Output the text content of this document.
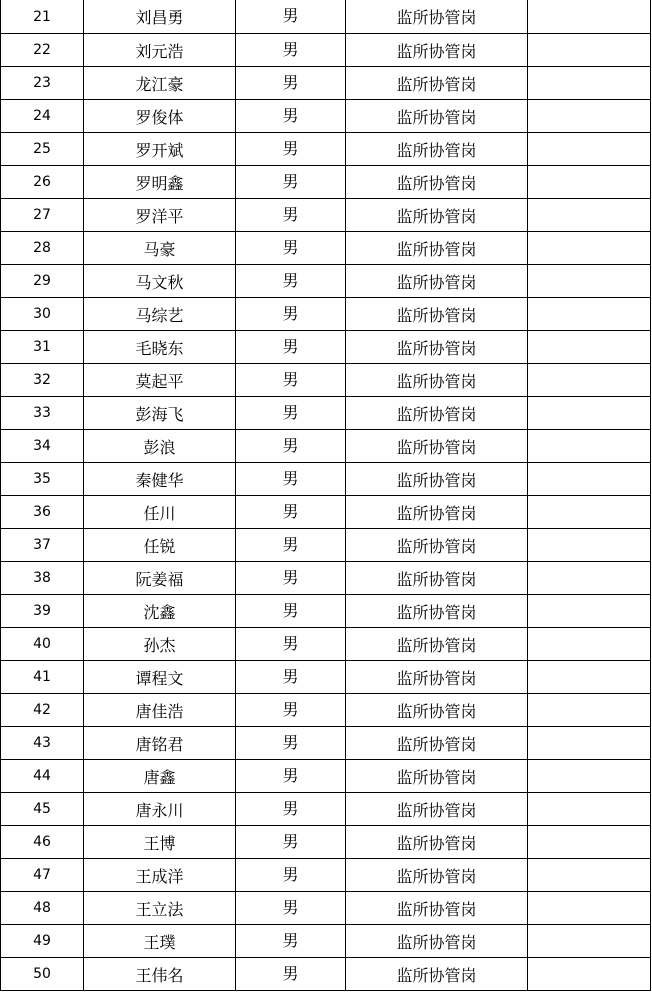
21	刘昌勇	男	监所协管岗	
22	刘元浩	男	监所协管岗	
23	龙江豪	男	监所协管岗	
24	罗俊体	男	监所协管岗	
25	罗开斌	男	监所协管岗	
26	罗明鑫	男	监所协管岗	
27	罗洋平	男	监所协管岗	
28	马豪	男	监所协管岗	
29	马文秋	男	监所协管岗	
30	马综艺	男	监所协管岗	
31	毛晓东	男	监所协管岗	
32	莫起平	男	监所协管岗	
33	彭海飞	男	监所协管岗	
34	彭浪	男	监所协管岗	
35	秦健华	男	监所协管岗	
36	任川	男	监所协管岗	
37	任锐	男	监所协管岗	
38	阮姜福	男	监所协管岗	
39	沈鑫	男	监所协管岗	
40	孙杰	男	监所协管岗	
41	谭程文	男	监所协管岗	
42	唐佳浩	男	监所协管岗	
43	唐铭君	男	监所协管岗	
44	唐鑫	男	监所协管岗	
45	唐永川	男	监所协管岗	
46	王博	男	监所协管岗	
47	王成洋	男	监所协管岗	
48	王立法	男	监所协管岗	
49	王璞	男	监所协管岗	
50	王伟名	男	监所协管岗	
